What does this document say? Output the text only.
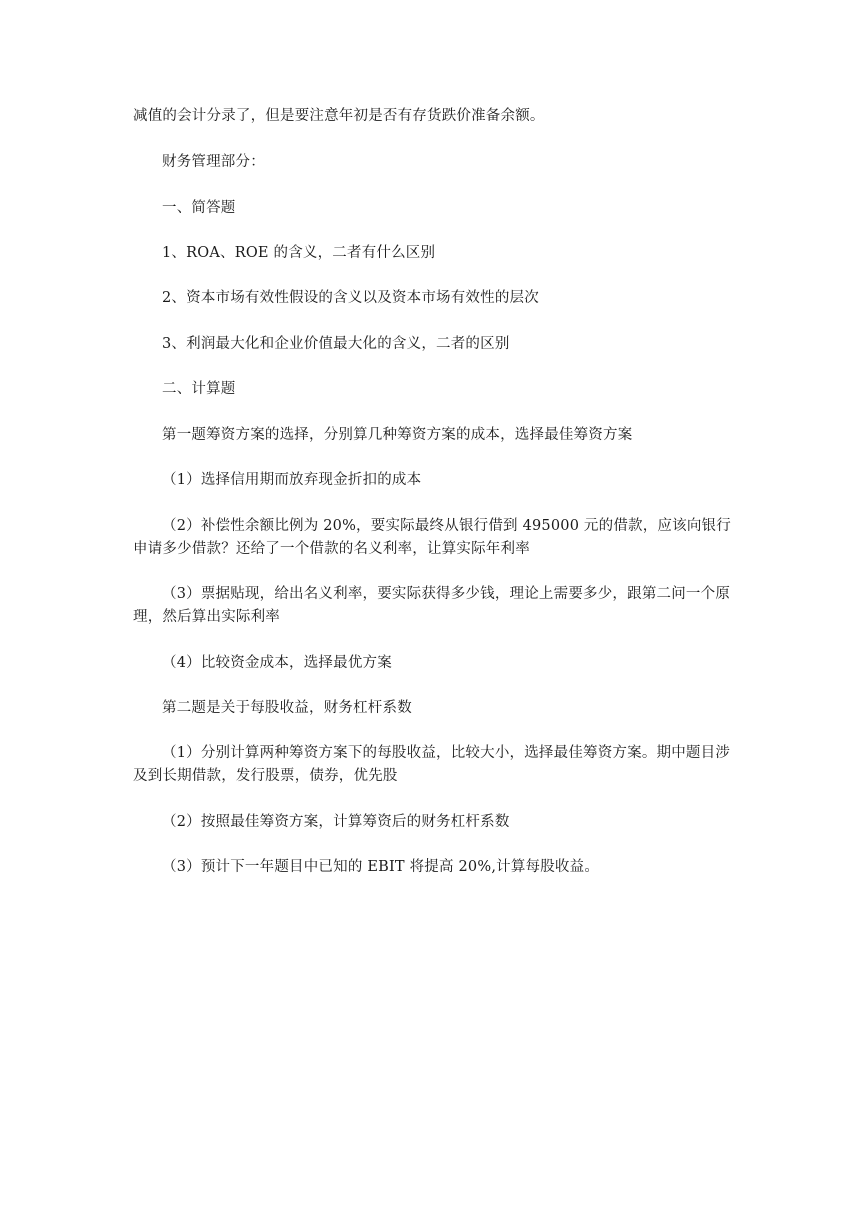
减值的会计分录了，但是要注意年初是否有存货跌价准备余额。

财务管理部分：

一、简答题

1、ROA、ROE 的含义，二者有什么区别

2、资本市场有效性假设的含义以及资本市场有效性的层次

3、利润最大化和企业价值最大化的含义，二者的区别

二、计算题

第一题筹资方案的选择，分别算几种筹资方案的成本，选择最佳筹资方案

（1）选择信用期而放弃现金折扣的成本

（2）补偿性余额比例为 20%，要实际最终从银行借到 495000 元的借款，应该向银行申请多少借款？还给了一个借款的名义利率，让算实际年利率

（3）票据贴现，给出名义利率，要实际获得多少钱，理论上需要多少，跟第二问一个原理，然后算出实际利率

（4）比较资金成本，选择最优方案

第二题是关于每股收益，财务杠杆系数

（1）分别计算两种筹资方案下的每股收益，比较大小，选择最佳筹资方案。期中题目涉及到长期借款，发行股票，债券，优先股

（2）按照最佳筹资方案，计算筹资后的财务杠杆系数

（3）预计下一年题目中已知的 EBIT 将提高 20%,计算每股收益。
